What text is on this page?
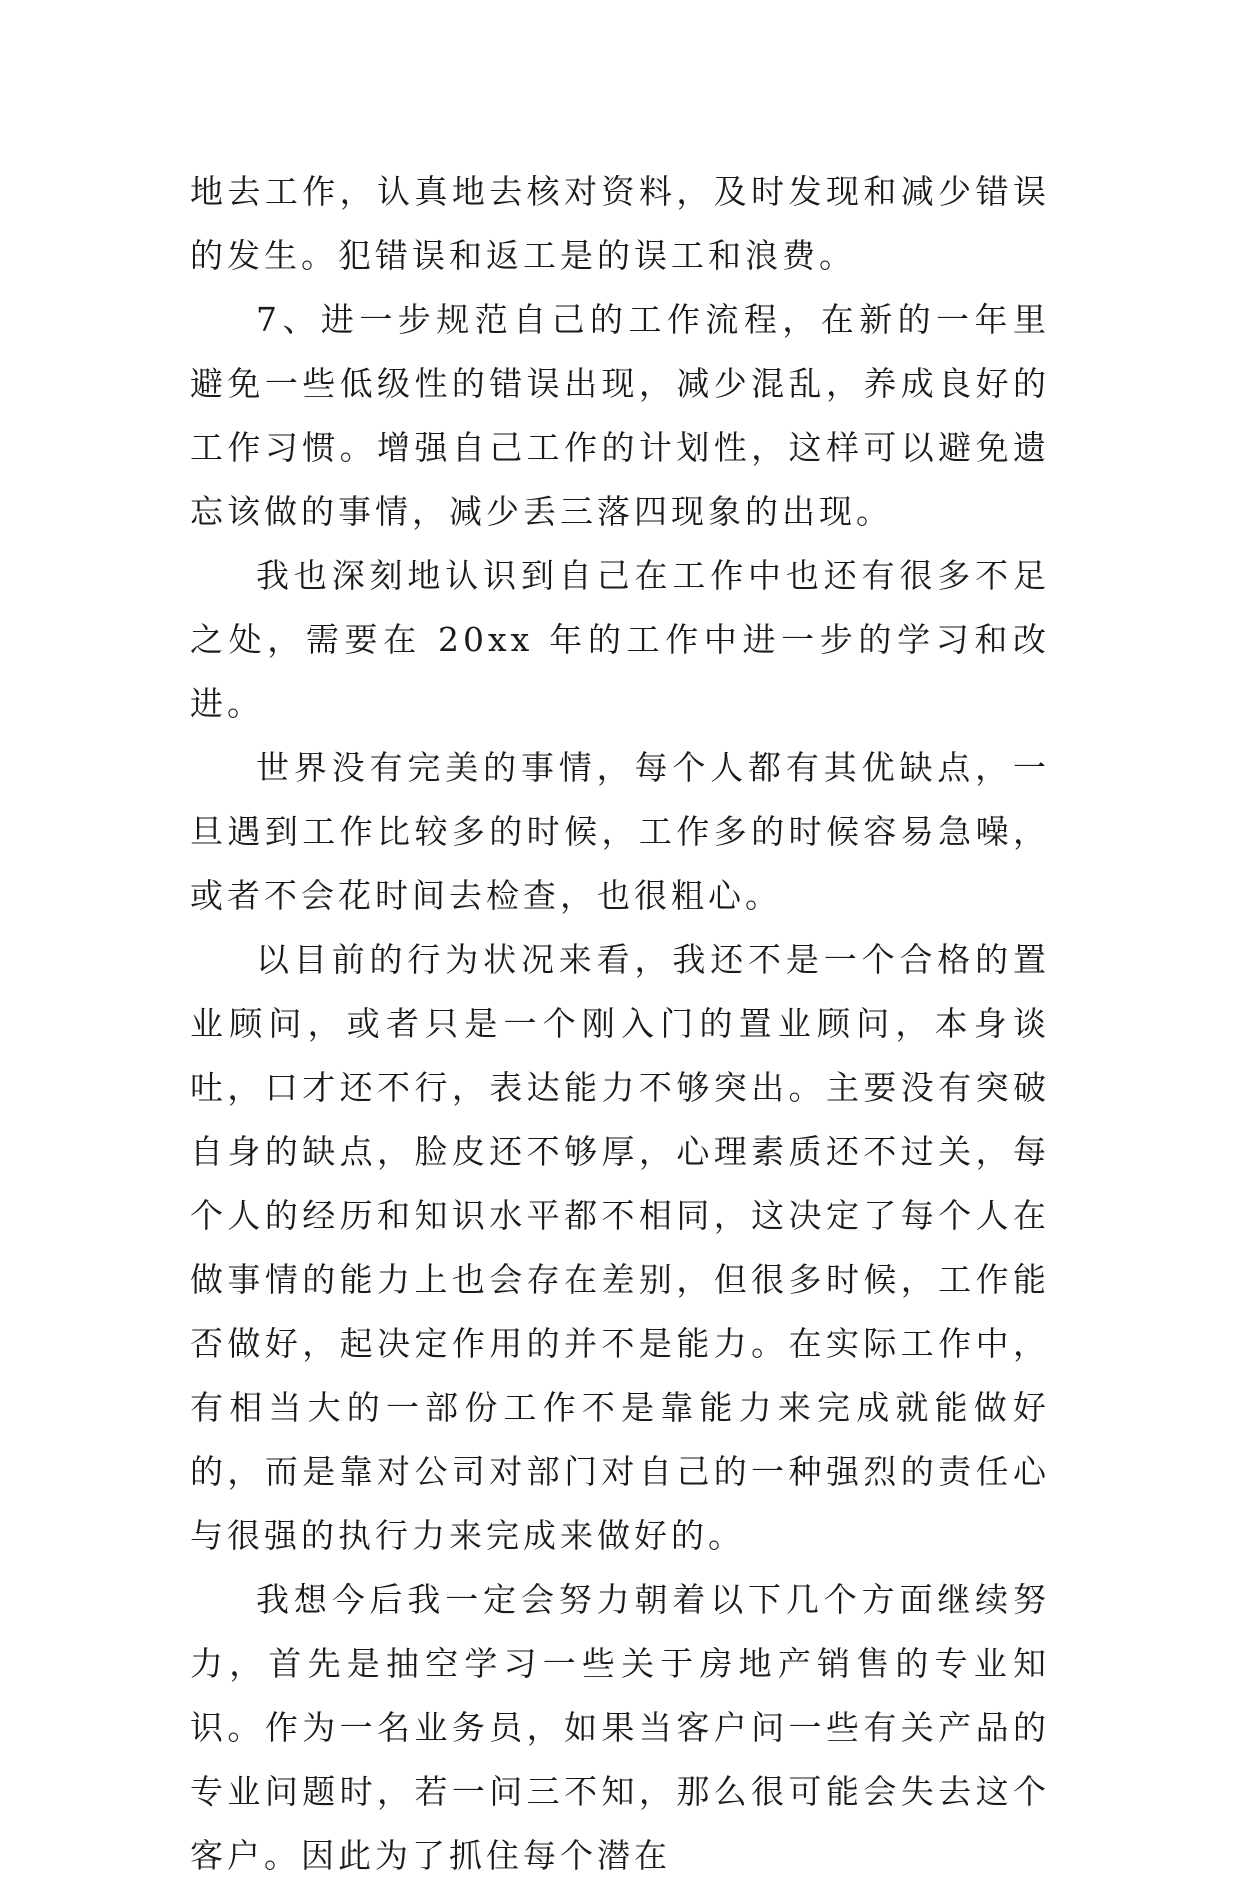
地去工作，认真地去核对资料，及时发现和减少错误的发生。犯错误和返工是的误工和浪费。

7、进一步规范自己的工作流程，在新的一年里避免一些低级性的错误出现，减少混乱，养成良好的工作习惯。增强自己工作的计划性，这样可以避免遗忘该做的事情，减少丢三落四现象的出现。

我也深刻地认识到自己在工作中也还有很多不足之处，需要在 20xx 年的工作中进一步的学习和改进。

世界没有完美的事情，每个人都有其优缺点，一旦遇到工作比较多的时候，工作多的时候容易急噪，或者不会花时间去检查，也很粗心。

以目前的行为状况来看，我还不是一个合格的置业顾问，或者只是一个刚入门的置业顾问，本身谈吐，口才还不行，表达能力不够突出。主要没有突破自身的缺点，脸皮还不够厚，心理素质还不过关，每个人的经历和知识水平都不相同，这决定了每个人在做事情的能力上也会存在差别，但很多时候，工作能否做好，起决定作用的并不是能力。在实际工作中，有相当大的一部份工作不是靠能力来完成就能做好的，而是靠对公司对部门对自己的一种强烈的责任心与很强的执行力来完成来做好的。

我想今后我一定会努力朝着以下几个方面继续努力，首先是抽空学习一些关于房地产销售的专业知识。作为一名业务员，如果当客户问一些有关产品的专业问题时，若一问三不知，那么很可能会失去这个客户。因此为了抓住每个潜在
